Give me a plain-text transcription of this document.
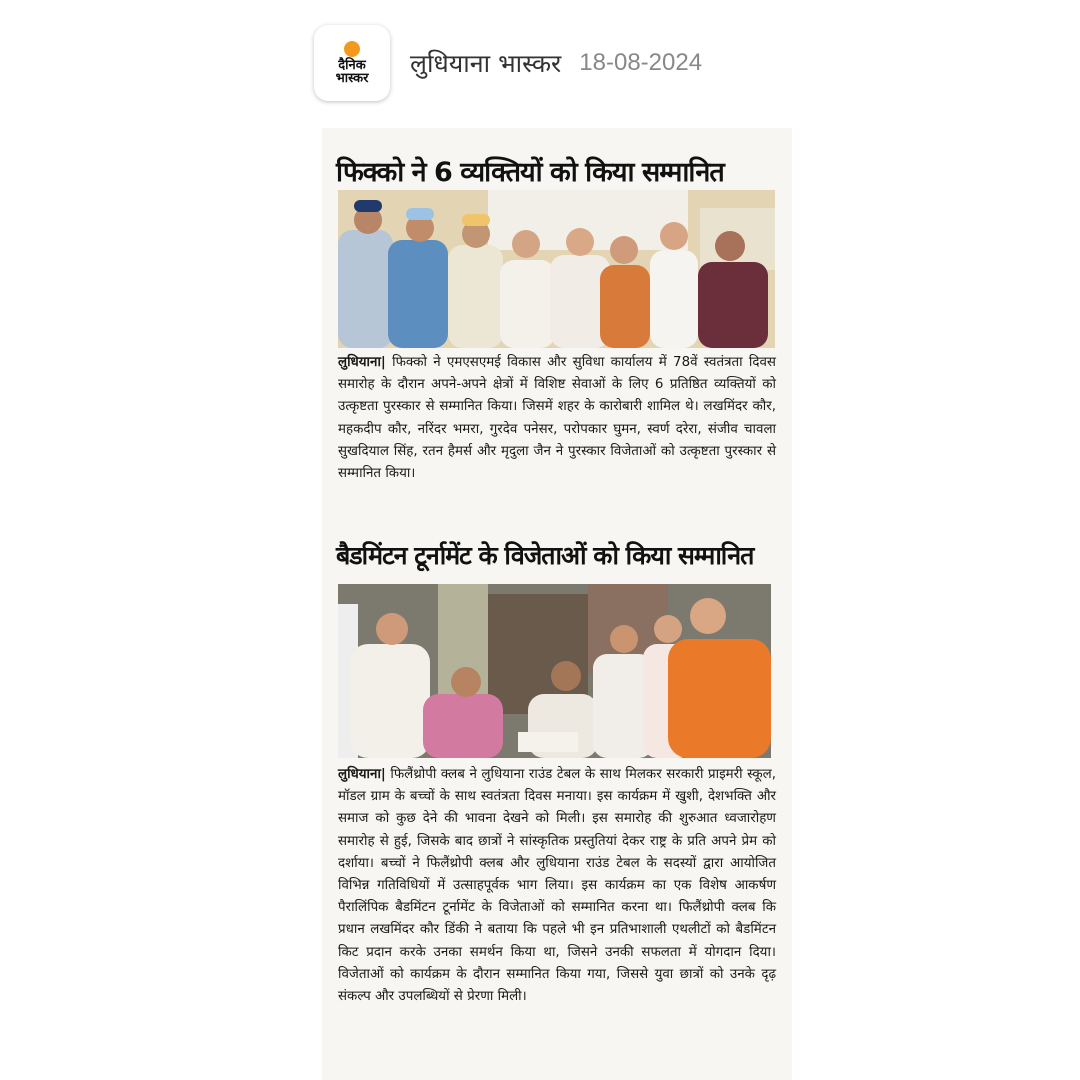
दैनिक
भास्कर
लुधियाना भास्कर 18-08-2024
फिक्को ने 6 व्यक्तियों को किया सम्मानित
लुधियाना| फिक्को ने एमएसएमई विकास और सुविधा कार्यालय में 78वें स्वतंत्रता दिवस समारोह के दौरान अपने-अपने क्षेत्रों में विशिष्ट सेवाओं के लिए 6 प्रतिष्ठित व्यक्तियों को उत्कृष्टता पुरस्कार से सम्मानित किया। जिसमें शहर के कारोबारी शामिल थे। लखमिंदर कौर, महकदीप कौर, नरिंदर भमरा, गुरदेव पनेसर, परोपकार घुमन, स्वर्ण दरेरा, संजीव चावला सुखदियाल सिंह, रतन हैमर्स और मृदुला जैन ने पुरस्कार विजेताओं को उत्कृष्टता पुरस्कार से सम्मानित किया।
बैडमिंटन टूर्नामेंट के विजेताओं को किया सम्मानित
लुधियाना| फिलैंथ्रोपी क्लब ने लुधियाना राउंड टेबल के साथ मिलकर सरकारी प्राइमरी स्कूल, मॉडल ग्राम के बच्चों के साथ स्वतंत्रता दिवस मनाया। इस कार्यक्रम में खुशी, देशभक्ति और समाज को कुछ देने की भावना देखने को मिली। इस समारोह की शुरुआत ध्वजारोहण समारोह से हुई, जिसके बाद छात्रों ने सांस्कृतिक प्रस्तुतियां देकर राष्ट्र के प्रति अपने प्रेम को दर्शाया। बच्चों ने फिलैंथ्रोपी क्लब और लुधियाना राउंड टेबल के सदस्यों द्वारा आयोजित विभिन्न गतिविधियों में उत्साहपूर्वक भाग लिया। इस कार्यक्रम का एक विशेष आकर्षण पैरालिंपिक बैडमिंटन टूर्नामेंट के विजेताओं को सम्मानित करना था। फिलैंथ्रोपी क्लब कि प्रधान लखमिंदर कौर डिंकी ने बताया कि पहले भी इन प्रतिभाशाली एथलीटों को बैडमिंटन किट प्रदान करके उनका समर्थन किया था, जिसने उनकी सफलता में योगदान दिया। विजेताओं को कार्यक्रम के दौरान सम्मानित किया गया, जिससे युवा छात्रों को उनके दृढ़ संकल्प और उपलब्धियों से प्रेरणा मिली।
